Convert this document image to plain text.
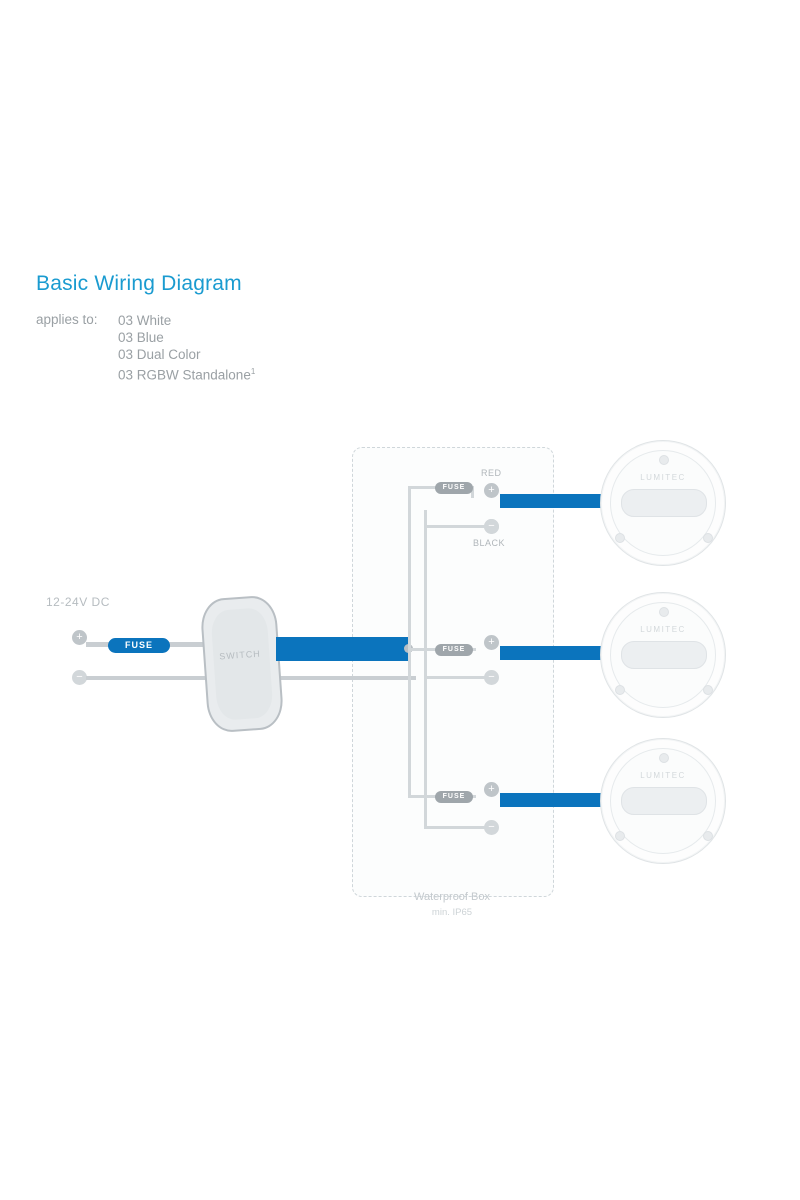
Basic Wiring Diagram
applies to: 03 White
03 Blue
03 Dual Color
03 RGBW Standalone$^1$
Waterproof Box
min. IP65
12-24V DC
+
−
FUSE
SWITCH
FUSE	+
−
RED
BLACK
LUMITEC
FUSE
+
−
LUMITEC
FUSE
+
−
LUMITEC
